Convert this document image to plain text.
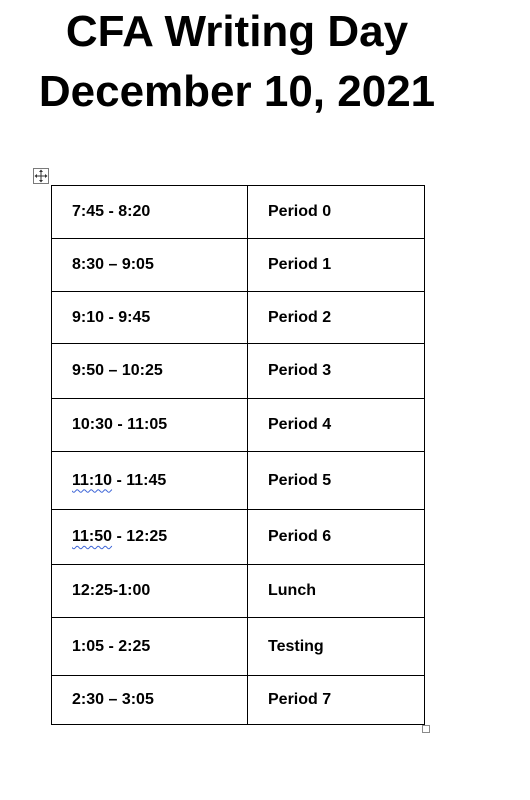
CFA Writing Day
December 10, 2021
7:45 - 8:20	Period 0
8:30 – 9:05	Period 1
9:10 - 9:45	Period 2
9:50 – 10:25	Period 3
10:30 - 11:05	Period 4
11:10 - 11:45	Period 5
11:50 - 12:25	Period 6
12:25-1:00	Lunch
1:05 - 2:25	Testing
2:30 – 3:05	Period 7
